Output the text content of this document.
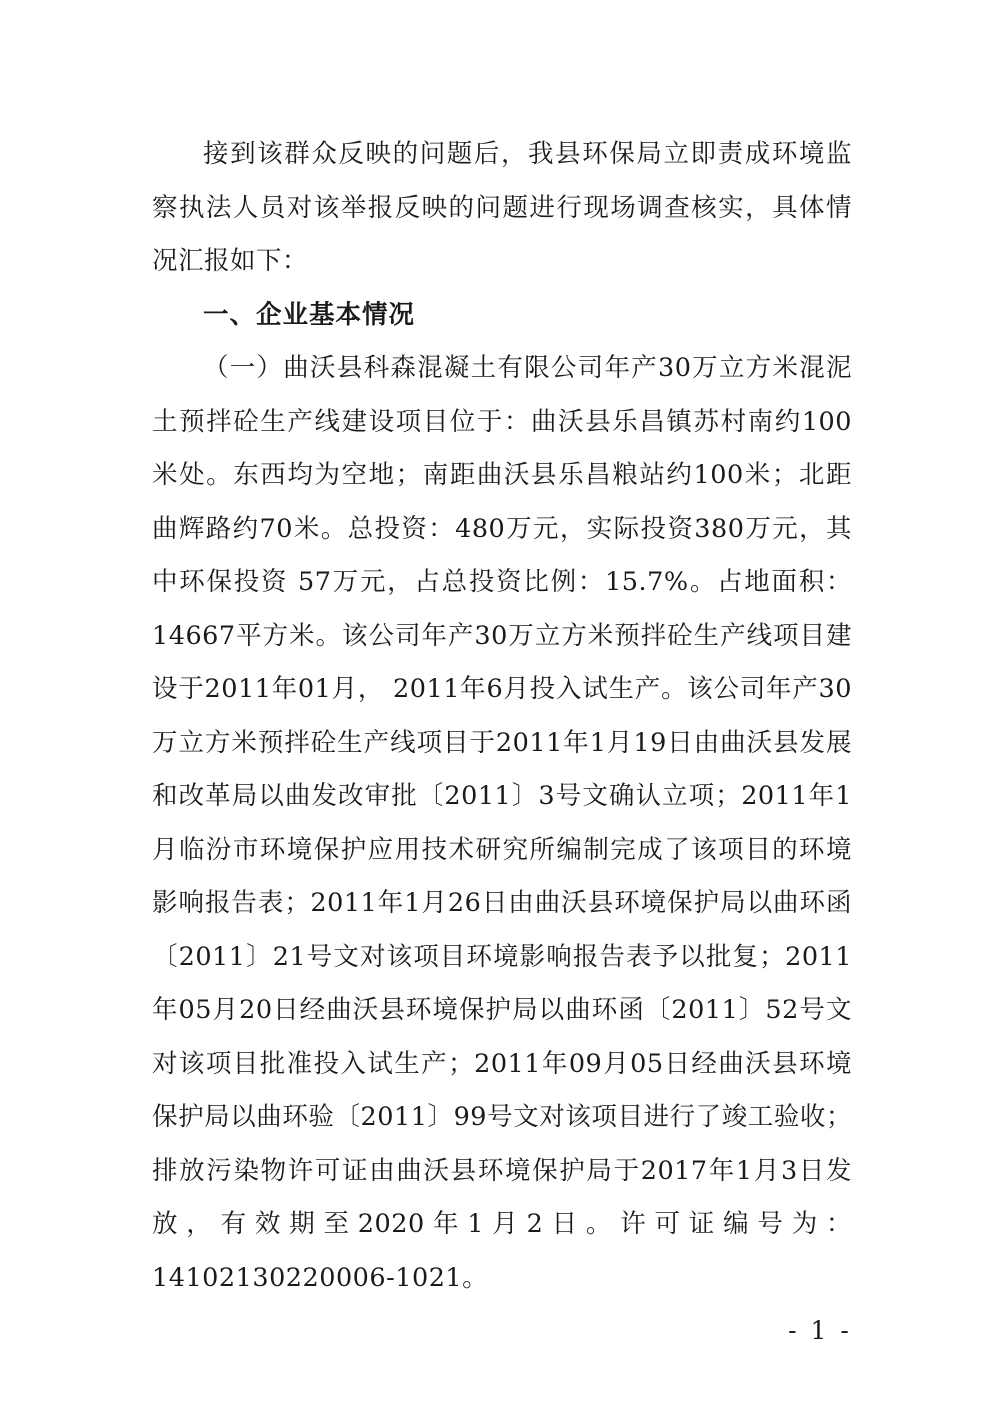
接到该群众反映的问题后，我县环保局立即责成环境监察执法人员对该举报反映的问题进行现场调查核实，具体情况汇报如下：

一、企业基本情况

（一）曲沃县科森混凝土有限公司年产30万立方米混泥土预拌砼生产线建设项目位于：曲沃县乐昌镇苏村南约100米处。东西均为空地；南距曲沃县乐昌粮站约100米；北距曲辉路约70米。总投资：480万元，实际投资380万元，其中环保投资 57万元，占总投资比例：15.7%。占地面积：14667平方米。该公司年产30万立方米预拌砼生产线项目建设于2011年01月， 2011年6月投入试生产。该公司年产30万立方米预拌砼生产线项目于2011年1月19日由曲沃县发展和改革局以曲发改审批〔2011〕3号文确认立项；2011年1月临汾市环境保护应用技术研究所编制完成了该项目的环境影响报告表；2011年1月26日由曲沃县环境保护局以曲环函〔2011〕21号文对该项目环境影响报告表予以批复；2011年05月20日经曲沃县环境保护局以曲环函〔2011〕52号文对该项目批准投入试生产；2011年09月05日经曲沃县环境保护局以曲环验〔2011〕99号文对该项目进行了竣工验收；排放污染物许可证由曲沃县环境保护局于2017年1月3日发放，有效期至2020年1月2日。许可证编号为：14102130220006-1021。

- 1 -
